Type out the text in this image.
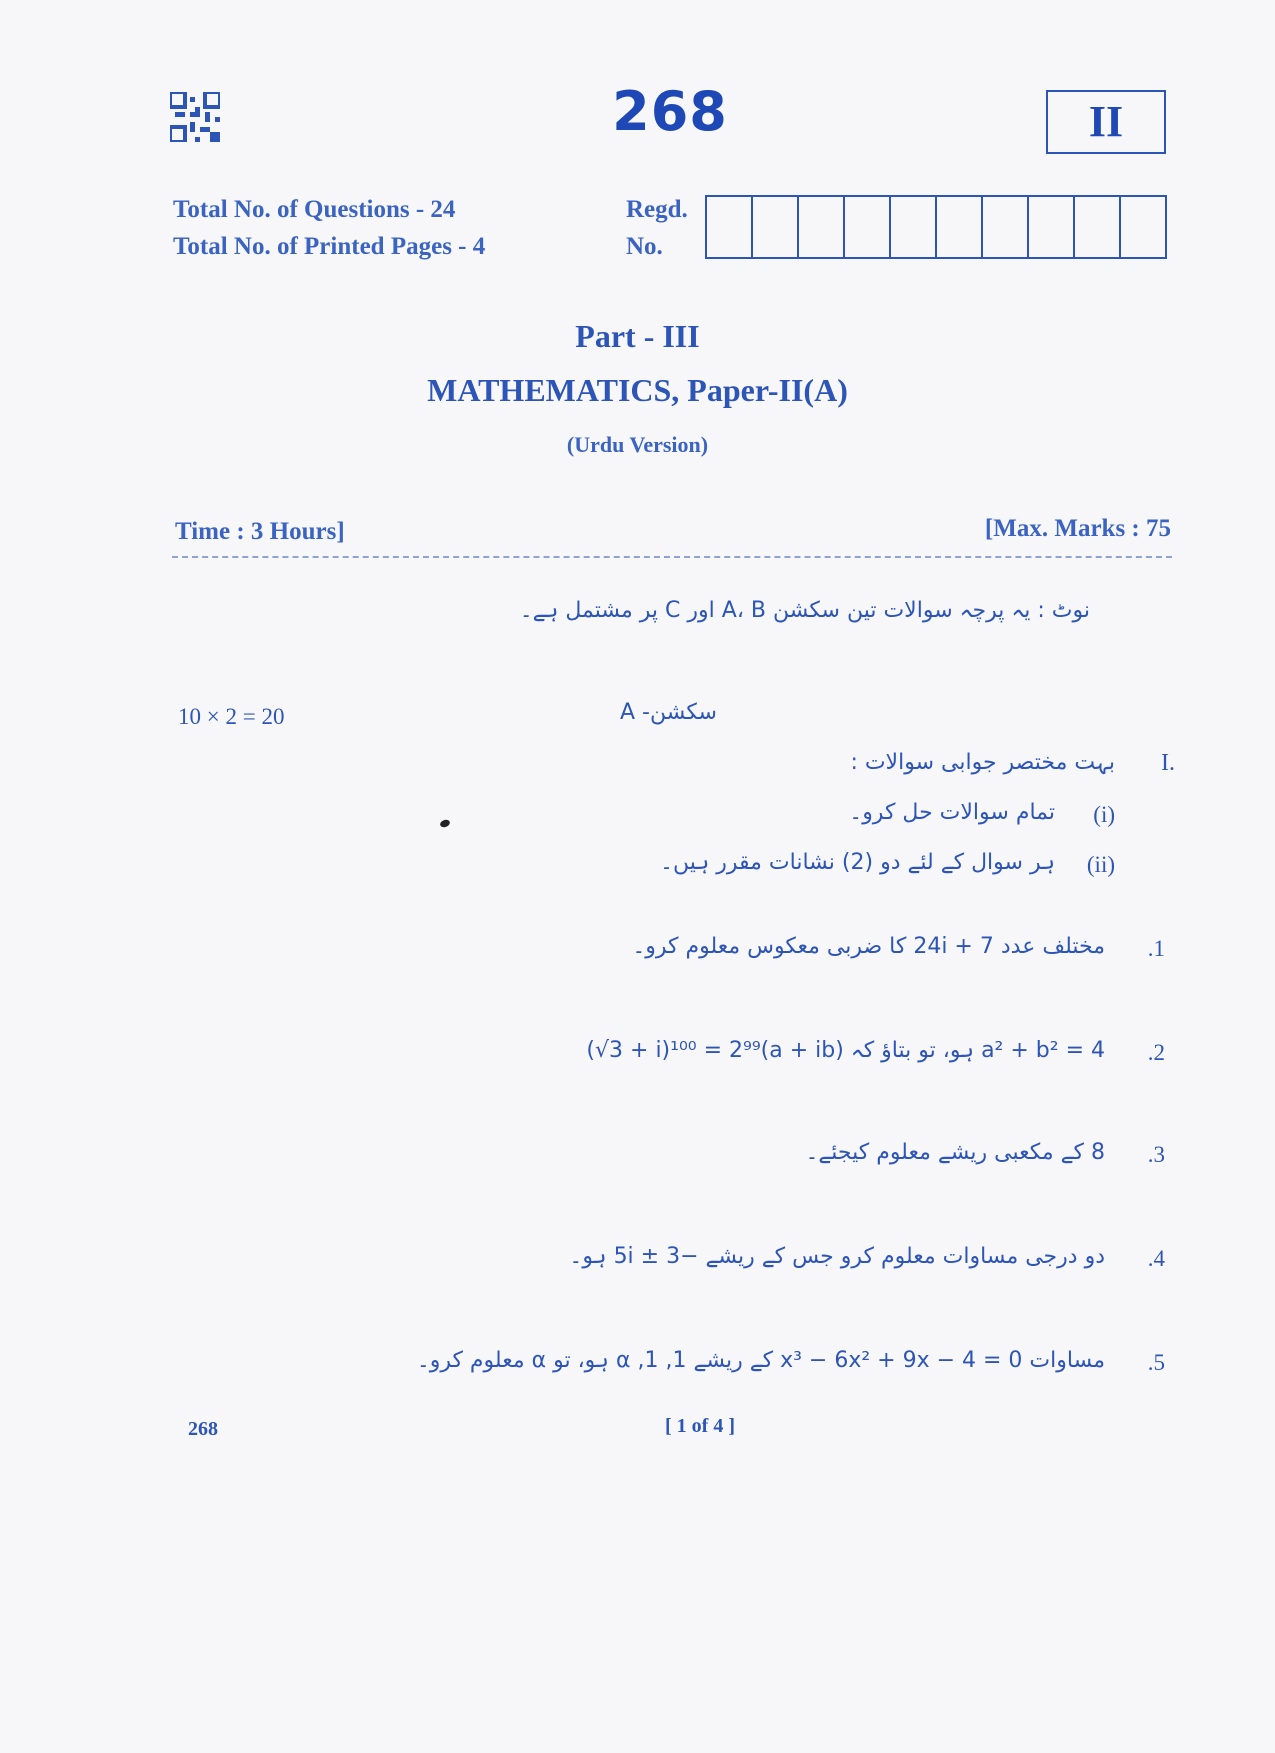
268	II
Total No. of Questions - 24
Total No. of Printed Pages - 4
Regd.
No.
Part - III
MATHEMATICS, Paper-II(A)
(Urdu Version)
Time : 3 Hours]	[Max. Marks : 75
نوٹ : یہ پرچہ سوالات تین سکشن A، B اور C پر مشتمل ہے۔
10 × 2 = 20	سکشن- A
I.
بہت مختصر جوابی سوالات :
(i)
تمام سوالات حل کرو۔
(ii)
ہر سوال کے لئے دو (2) نشانات مقرر ہیں۔
.1
مختلف عدد 7 + 24i کا ضربی معکوس معلوم کرو۔
.2
(√3 + i)¹⁰⁰ = 2⁹⁹(a + ib) ہو، تو بتاؤ کہ a² + b² = 4
.3
8 کے مکعبی ریشے معلوم کیجئے۔
.4
دو درجی مساوات معلوم کرو جس کے ریشے −3 ± 5i ہو۔
.5
مساوات x³ − 6x² + 9x − 4 = 0 کے ریشے 1, 1, α ہو، تو α معلوم کرو۔
268	[ 1 of 4 ]
